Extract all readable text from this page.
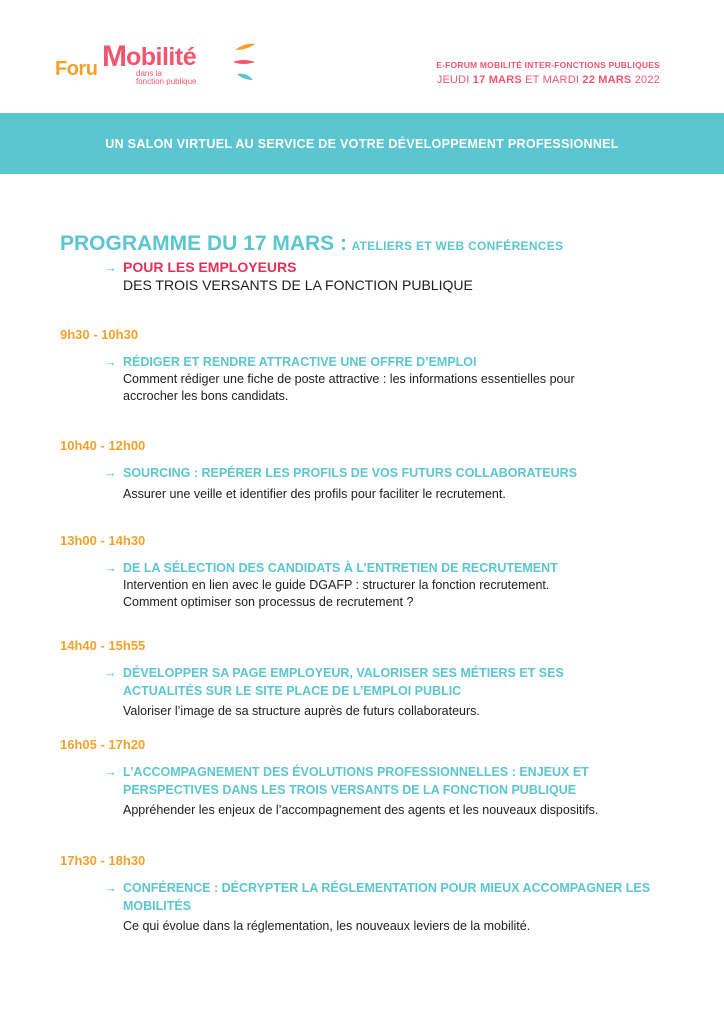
Foru M obilité
dans la
fonction publique
E-FORUM MOBILITÉ INTER-FONCTIONS PUBLIQUES
JEUDI 17 MARS ET MARDI 22 MARS 2022
UN SALON VIRTUEL AU SERVICE DE VOTRE DÉVELOPPEMENT PROFESSIONNEL
PROGRAMME DU 17 MARS : ATELIERS ET WEB CONFÉRENCES
→ POUR LES EMPLOYEURS
DES TROIS VERSANTS DE LA FONCTION PUBLIQUE
9h30 - 10h30
→ RÉDIGER ET RENDRE ATTRACTIVE UNE OFFRE D’EMPLOI
Comment rédiger une fiche de poste attractive : les informations essentielles pour
accrocher les bons candidats.
10h40 - 12h00
→ SOURCING : REPÉRER LES PROFILS DE VOS FUTURS COLLABORATEURS
Assurer une veille et identifier des profils pour faciliter le recrutement.
13h00 - 14h30
→ DE LA SÉLECTION DES CANDIDATS À L’ENTRETIEN DE RECRUTEMENT
Intervention en lien avec le guide DGAFP : structurer la fonction recrutement.
Comment optimiser son processus de recrutement ?
14h40 - 15h55
→ DÉVELOPPER SA PAGE EMPLOYEUR, VALORISER SES MÉTIERS ET SES ACTUALITÉS SUR LE SITE PLACE DE L’EMPLOI PUBLIC
Valoriser l’image de sa structure auprès de futurs collaborateurs.
16h05 - 17h20
→ L’ACCOMPAGNEMENT DES ÉVOLUTIONS PROFESSIONNELLES : ENJEUX ET PERSPECTIVES DANS LES TROIS VERSANTS DE LA FONCTION PUBLIQUE
Appréhender les enjeux de l’accompagnement des agents et les nouveaux dispositifs.
17h30 - 18h30
→ CONFÉRENCE : DÉCRYPTER LA RÉGLEMENTATION POUR MIEUX ACCOMPAGNER LES MOBILITÉS
Ce qui évolue dans la réglementation, les nouveaux leviers de la mobilité.
